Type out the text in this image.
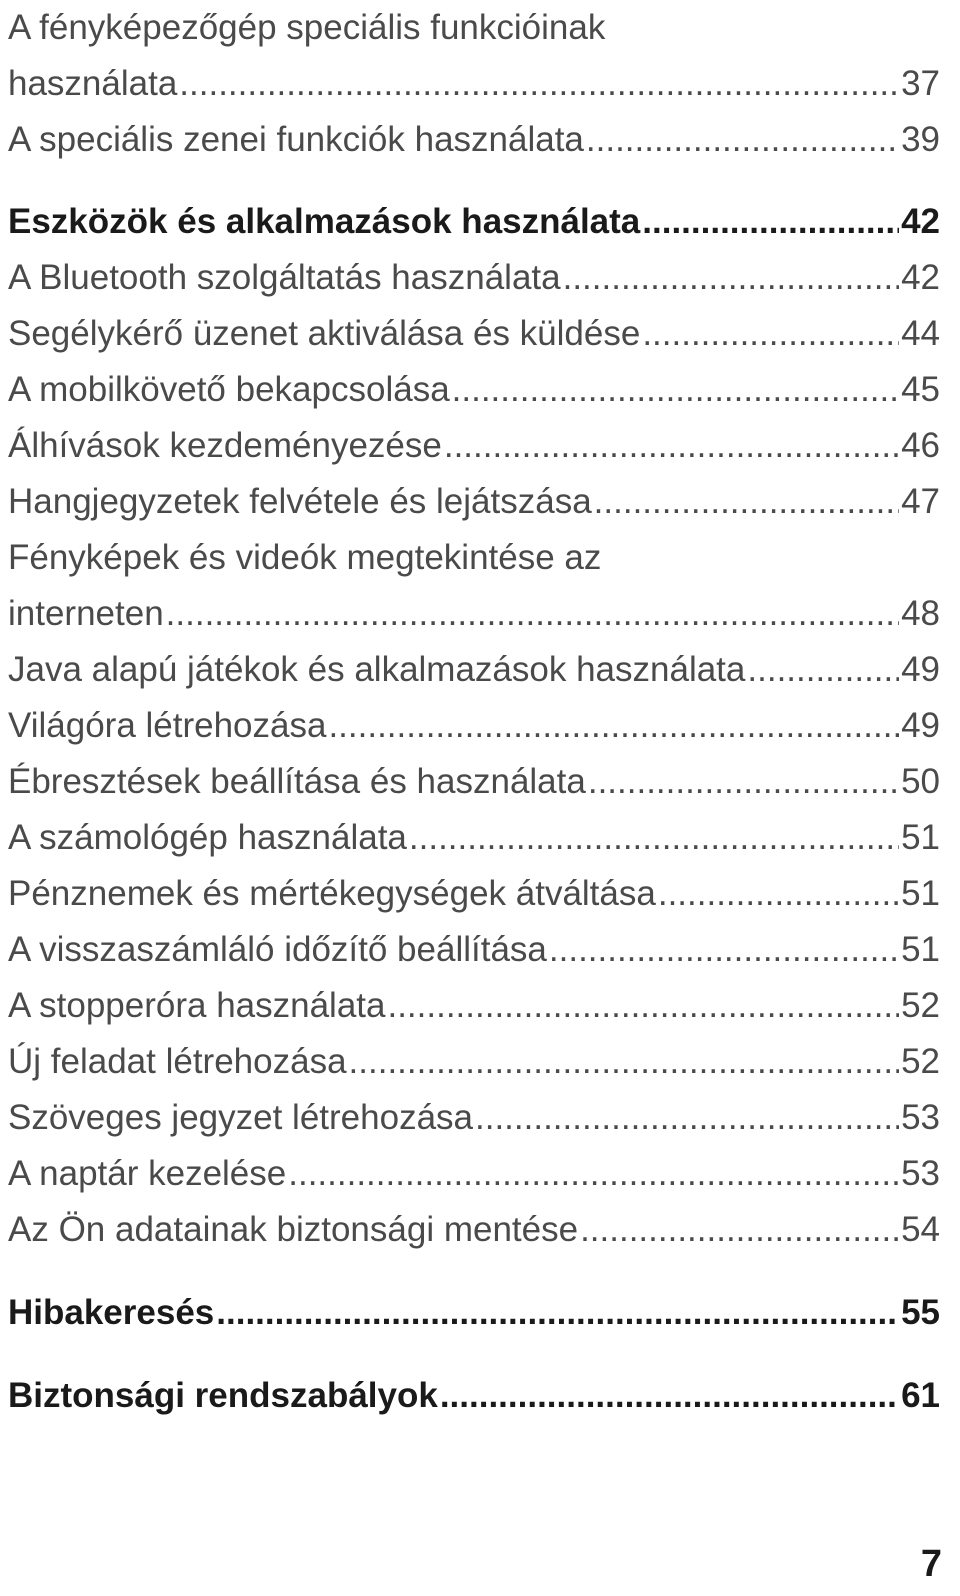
A fényképezőgép speciális funkcióinak
használata .....	37
A speciális zenei funkciók használata .....	39
Eszközök és alkalmazások használata .....	42
A Bluetooth szolgáltatás használata .....	42
Segélykérő üzenet aktiválása és küldése .....	44
A mobilkövető bekapcsolása .....	45
Álhívások kezdeményezése .....	46
Hangjegyzetek felvétele és lejátszása .....	47
Fényképek és videók megtekintése az
interneten .....	48
Java alapú játékok és alkalmazások használata .....	49
Világóra létrehozása .....	49
Ébresztések beállítása és használata .....	50
A számológép használata .....	51
Pénznemek és mértékegységek átváltása .....	51
A visszaszámláló időzítő beállítása .....	51
A stopperóra használata .....	52
Új feladat létrehozása .....	52
Szöveges jegyzet létrehozása .....	53
A naptár kezelése .....	53
Az Ön adatainak biztonsági mentése .....	54
Hibakeresés .....	55
Biztonsági rendszabályok .....	61
7
